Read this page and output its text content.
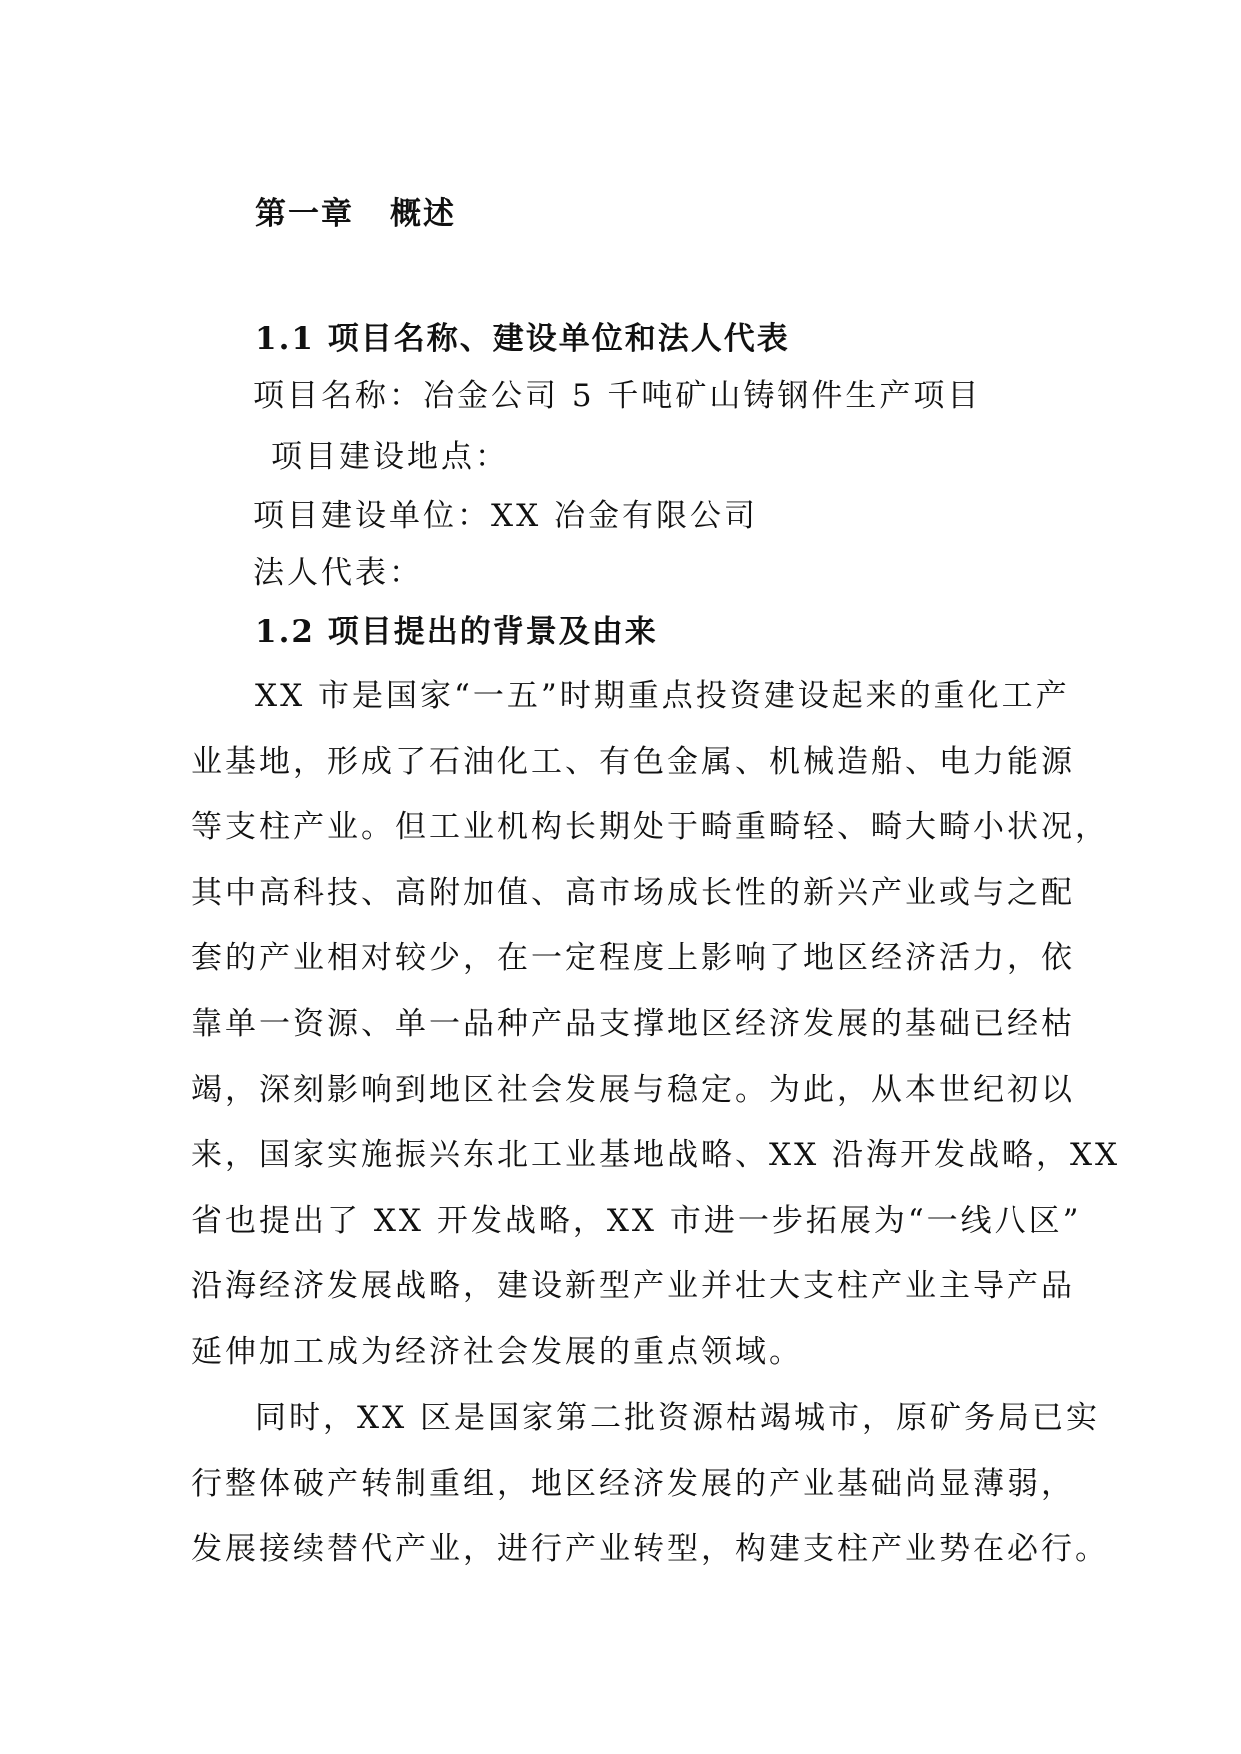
第一章 概述
1.1 项目名称、建设单位和法人代表
项目名称：冶金公司 5 千吨矿山铸钢件生产项目
项目建设地点：
项目建设单位：XX 冶金有限公司
法人代表：
1.2 项目提出的背景及由来
XX 市是国家“一五”时期重点投资建设起来的重化工产
业基地，形成了石油化工、有色金属、机械造船、电力能源
等支柱产业。但工业机构长期处于畸重畸轻、畸大畸小状况，
其中高科技、高附加值、高市场成长性的新兴产业或与之配
套的产业相对较少，在一定程度上影响了地区经济活力，依
靠单一资源、单一品种产品支撑地区经济发展的基础已经枯
竭，深刻影响到地区社会发展与稳定。为此，从本世纪初以
来，国家实施振兴东北工业基地战略、XX 沿海开发战略，XX
省也提出了 XX 开发战略，XX 市进一步拓展为“一线八区”
沿海经济发展战略，建设新型产业并壮大支柱产业主导产品
延伸加工成为经济社会发展的重点领域。
同时，XX 区是国家第二批资源枯竭城市，原矿务局已实
行整体破产转制重组，地区经济发展的产业基础尚显薄弱，
发展接续替代产业，进行产业转型，构建支柱产业势在必行。
